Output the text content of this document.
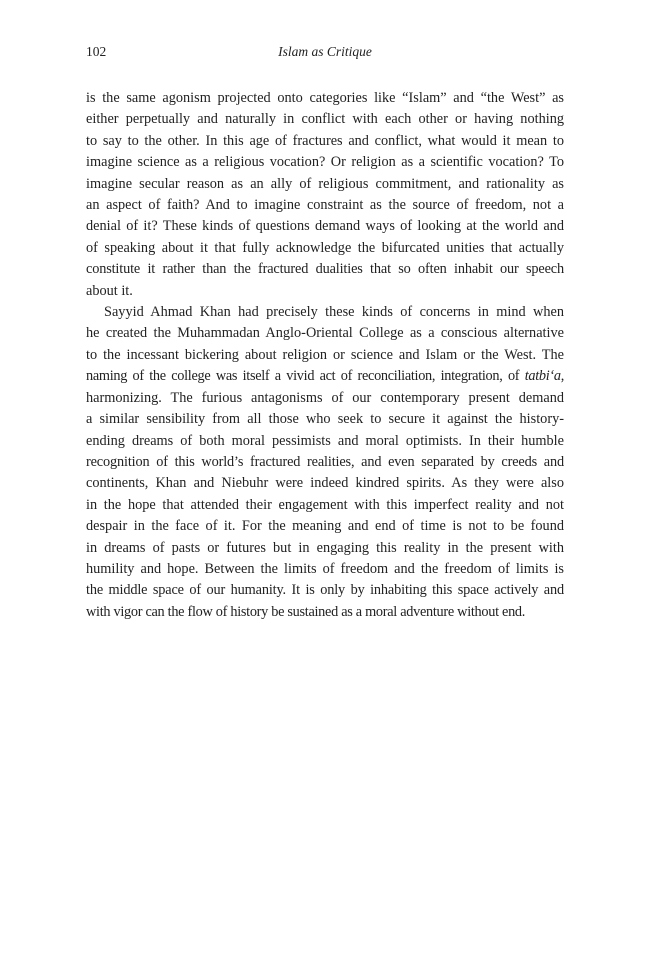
102	Islam as Critique
is the same agonism projected onto categories like “Islam” and “the West” as
either perpetually and naturally in conflict with each other or having nothing
to say to the other. In this age of fractures and conflict, what would it mean to
imagine science as a religious vocation? Or religion as a scientific vocation? To
imagine secular reason as an ally of religious commitment, and rationality as
an aspect of faith? And to imagine constraint as the source of freedom, not a
denial of it? These kinds of questions demand ways of looking at the world and
of speaking about it that fully acknowledge the bifurcated unities that actually
constitute it rather than the fractured dualities that so often inhabit our speech
about it.
Sayyid Ahmad Khan had precisely these kinds of concerns in mind when
he created the Muhammadan Anglo-Oriental College as a conscious alternative
to the incessant bickering about religion or science and Islam or the West. The
naming of the college was itself a vivid act of reconciliation, integration, of tatbi‘a,
harmonizing. The furious antagonisms of our contemporary present demand
a similar sensibility from all those who seek to secure it against the history-
ending dreams of both moral pessimists and moral optimists. In their humble
recognition of this world’s fractured realities, and even separated by creeds and
continents, Khan and Niebuhr were indeed kindred spirits. As they were also
in the hope that attended their engagement with this imperfect reality and not
despair in the face of it. For the meaning and end of time is not to be found
in dreams of pasts or futures but in engaging this reality in the present with
humility and hope. Between the limits of freedom and the freedom of limits is
the middle space of our humanity. It is only by inhabiting this space actively and
with vigor can the flow of history be sustained as a moral adventure without end.
